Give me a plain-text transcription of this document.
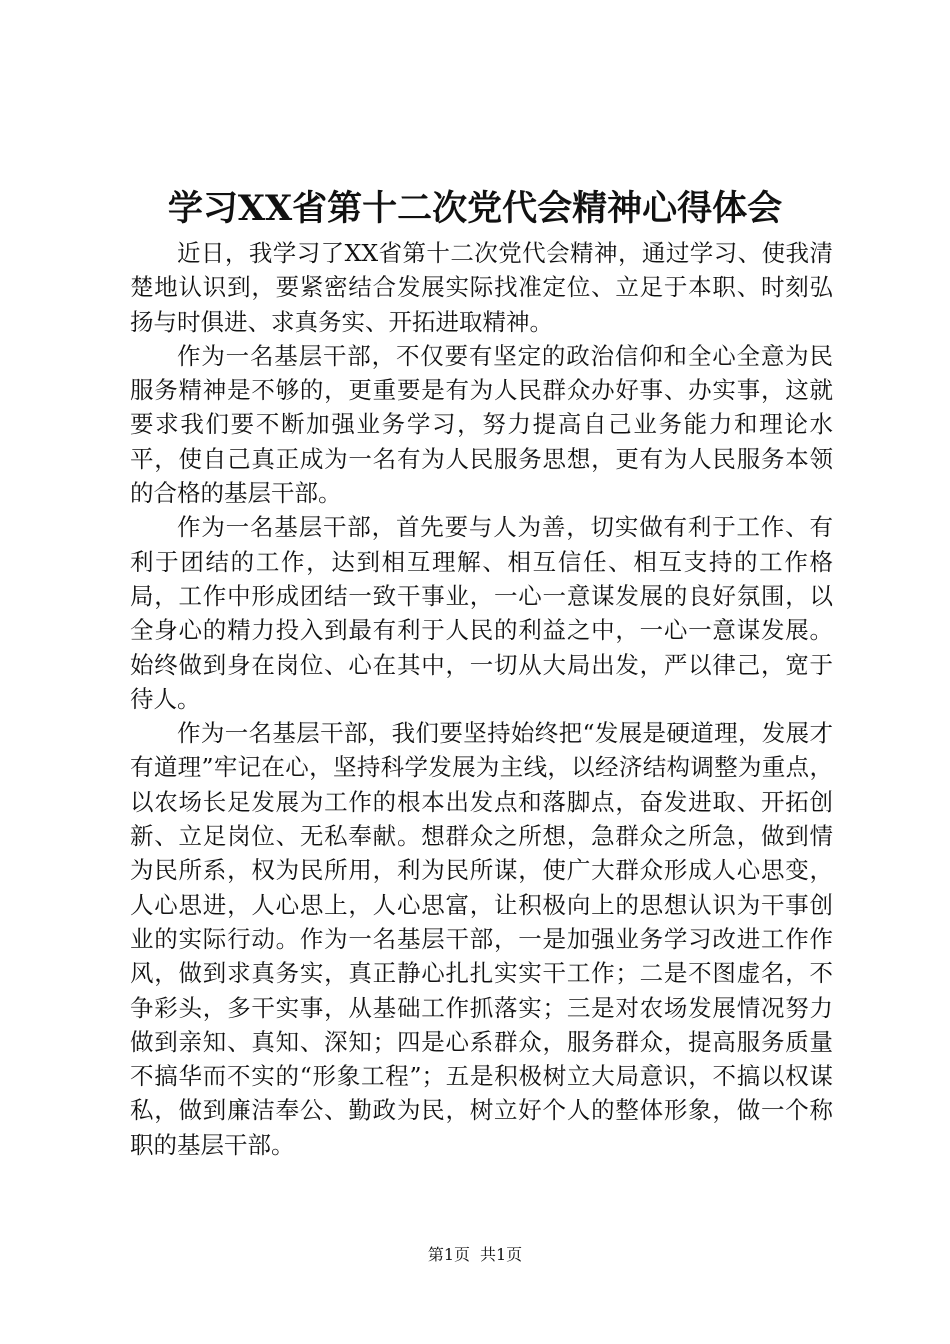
学习XX省第十二次党代会精神心得体会

近日，我学习了XX省第十二次党代会精神，通过学习、使我清楚地认识到，要紧密结合发展实际找准定位、立足于本职、时刻弘扬与时俱进、求真务实、开拓进取精神。

作为一名基层干部，不仅要有坚定的政治信仰和全心全意为民服务精神是不够的，更重要是有为人民群众办好事、办实事，这就要求我们要不断加强业务学习，努力提高自己业务能力和理论水平，使自己真正成为一名有为人民服务思想，更有为人民服务本领的合格的基层干部。

作为一名基层干部，首先要与人为善，切实做有利于工作、有利于团结的工作，达到相互理解、相互信任、相互支持的工作格局，工作中形成团结一致干事业，一心一意谋发展的良好氛围，以全身心的精力投入到最有利于人民的利益之中，一心一意谋发展。始终做到身在岗位、心在其中，一切从大局出发，严以律己，宽于待人。

作为一名基层干部，我们要坚持始终把“发展是硬道理，发展才有道理”牢记在心，坚持科学发展为主线，以经济结构调整为重点，以农场长足发展为工作的根本出发点和落脚点，奋发进取、开拓创新、立足岗位、无私奉献。想群众之所想，急群众之所急，做到情为民所系，权为民所用，利为民所谋，使广大群众形成人心思变，人心思进，人心思上，人心思富，让积极向上的思想认识为干事创业的实际行动。作为一名基层干部，一是加强业务学习改进工作作风，做到求真务实，真正静心扎扎实实干工作；二是不图虚名，不争彩头，多干实事，从基础工作抓落实；三是对农场发展情况努力做到亲知、真知、深知；四是心系群众，服务群众，提高服务质量不搞华而不实的“形象工程”；五是积极树立大局意识，不搞以权谋私，做到廉洁奉公、勤政为民，树立好个人的整体形象，做一个称职的基层干部。

第1页 共1页
